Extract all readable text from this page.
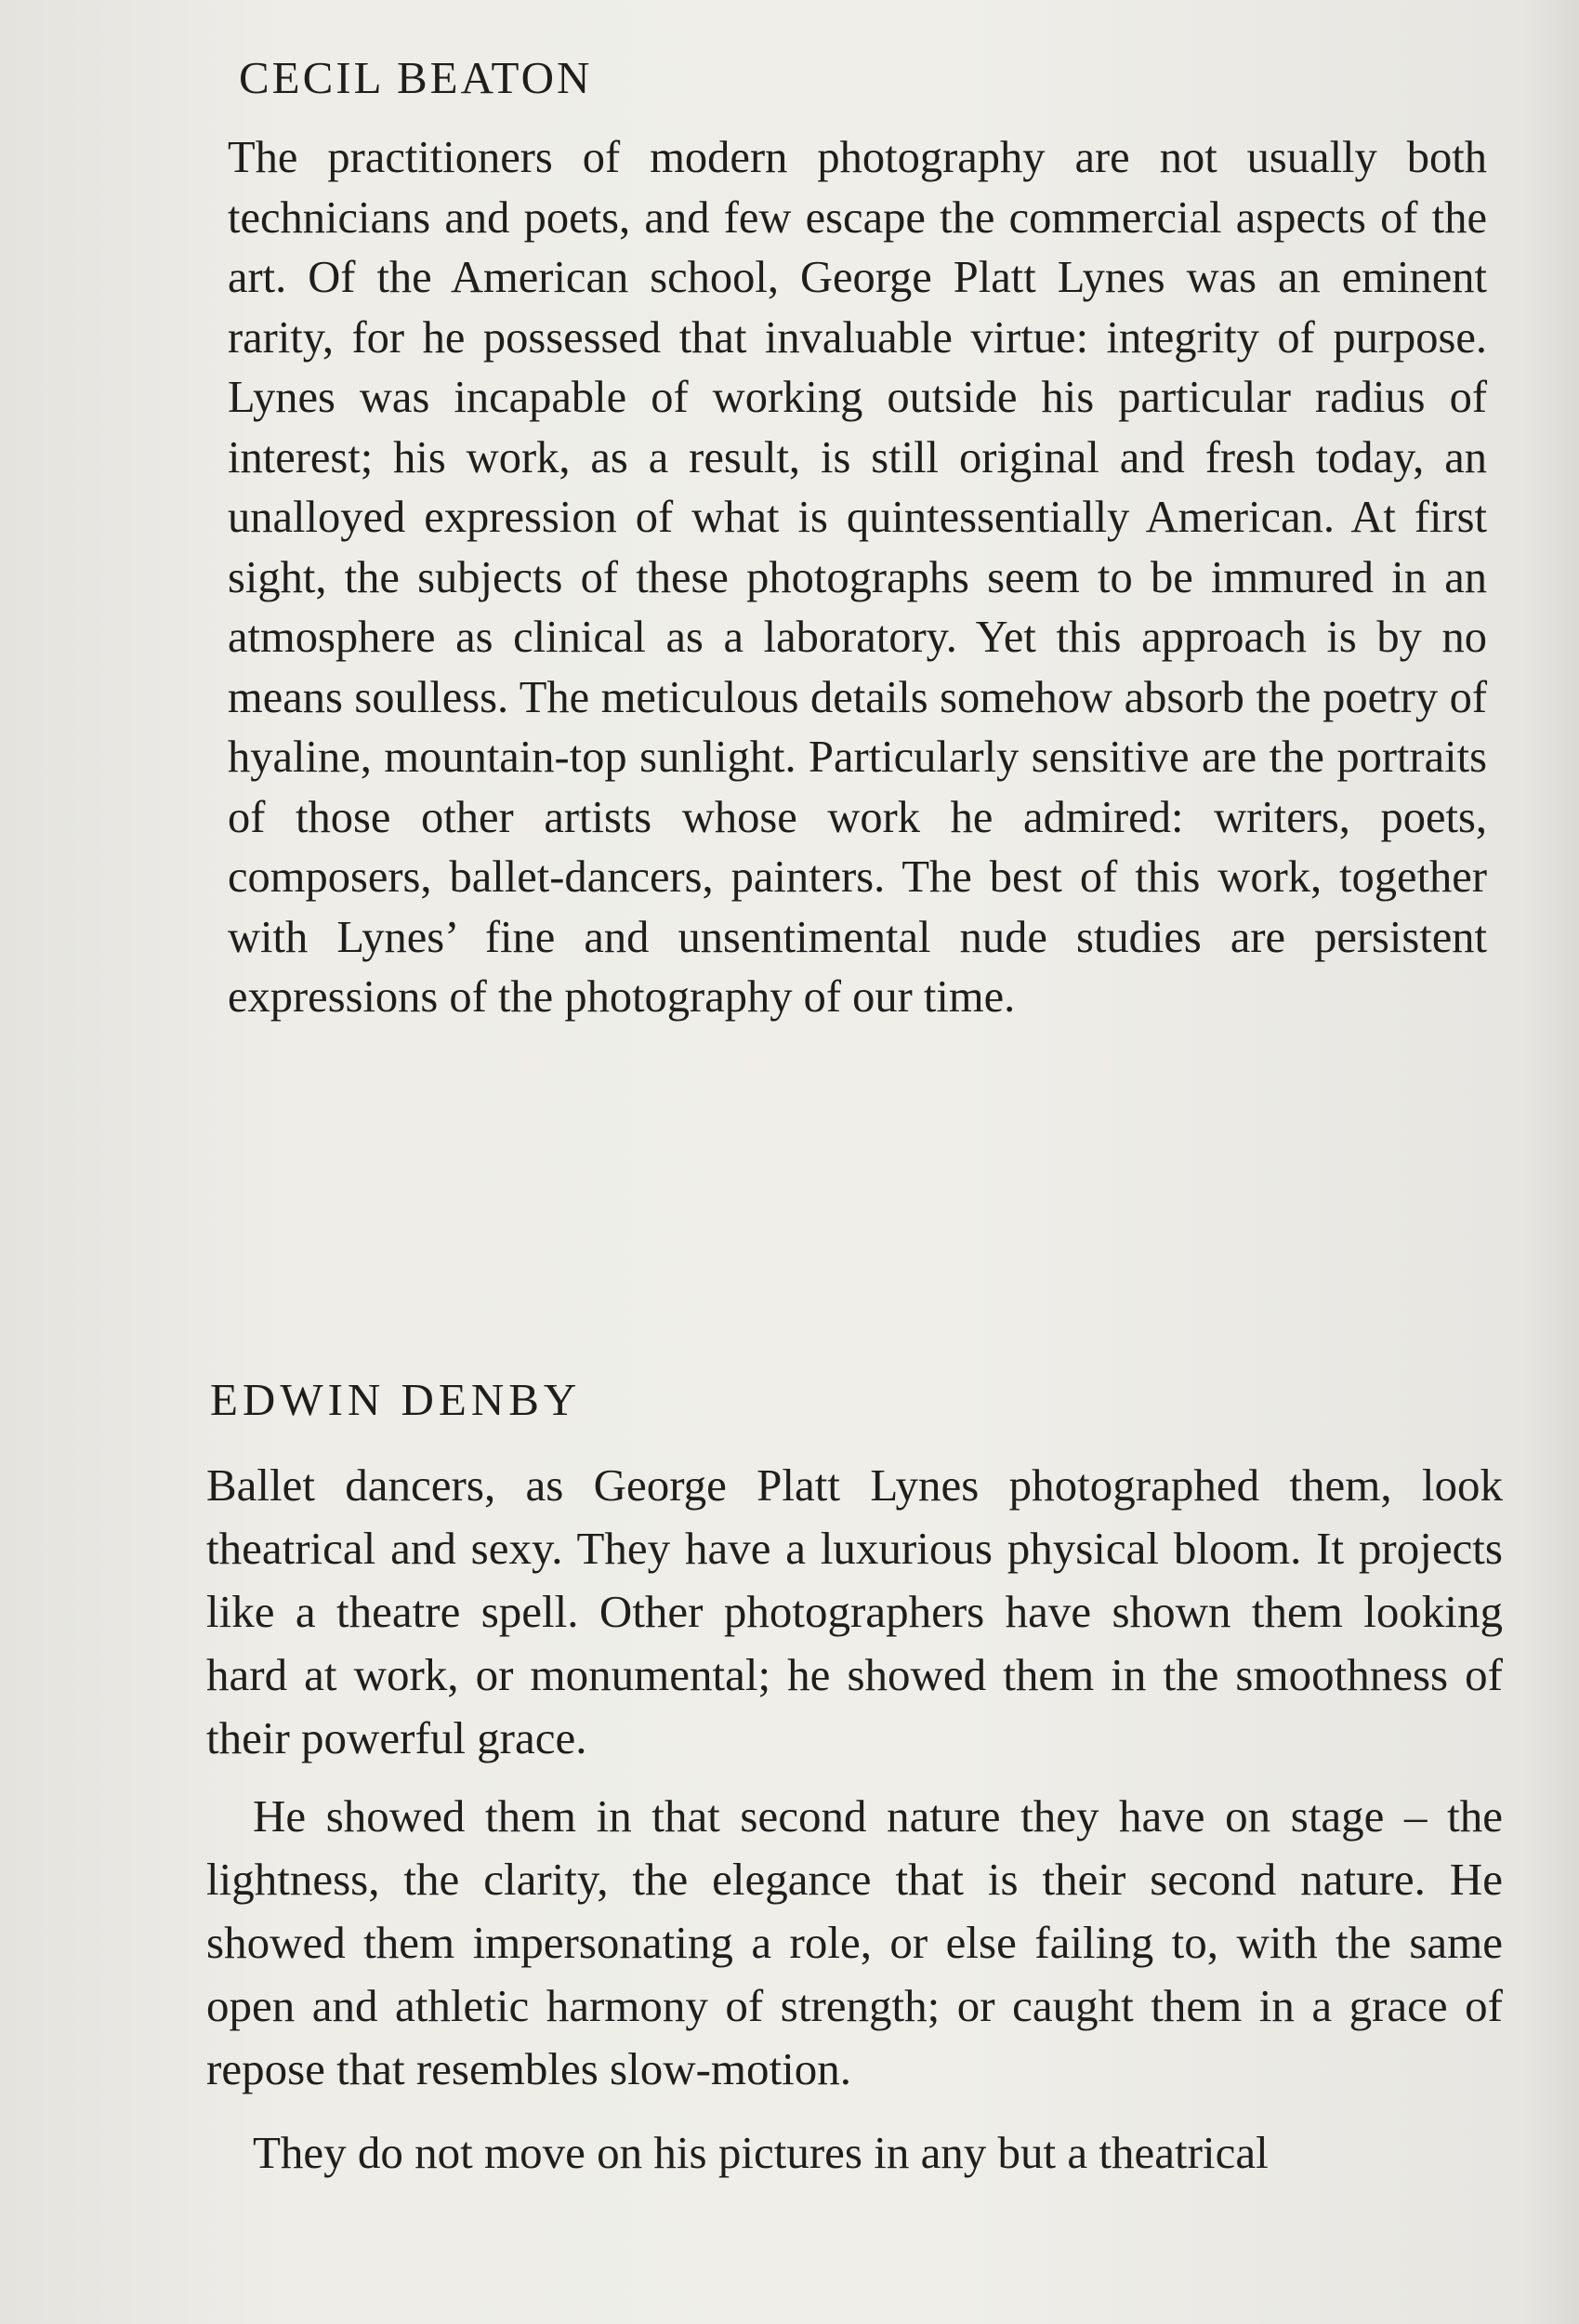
CECIL BEATON

The practitioners of modern photography are not usually both technicians and poets, and few escape the commercial aspects of the art. Of the American school, George Platt Lynes was an eminent rarity, for he possessed that invaluable virtue: integrity of purpose. Lynes was incapable of working outside his particular radius of interest; his work, as a result, is still original and fresh today, an unalloyed expression of what is quintessentially American. At first sight, the subjects of these photographs seem to be immured in an atmosphere as clinical as a laboratory. Yet this approach is by no means soulless. The meticulous details somehow absorb the poetry of hyaline, mountain-top sunlight. Particularly sensitive are the portraits of those other artists whose work he admired: writers, poets, composers, ballet-dancers, painters. The best of this work, together with Lynes’ fine and unsentimental nude studies are persistent expressions of the photography of our time.

EDWIN DENBY

Ballet dancers, as George Platt Lynes photographed them, look theatrical and sexy. They have a luxurious physical bloom. It projects like a theatre spell. Other photographers have shown them looking hard at work, or monumental; he showed them in the smoothness of their powerful grace.

He showed them in that second nature they have on stage – the lightness, the clarity, the elegance that is their second nature. He showed them impersonating a role, or else failing to, with the same open and athletic harmony of strength; or caught them in a grace of repose that resembles slow-motion.

They do not move on his pictures in any but a theatrical
